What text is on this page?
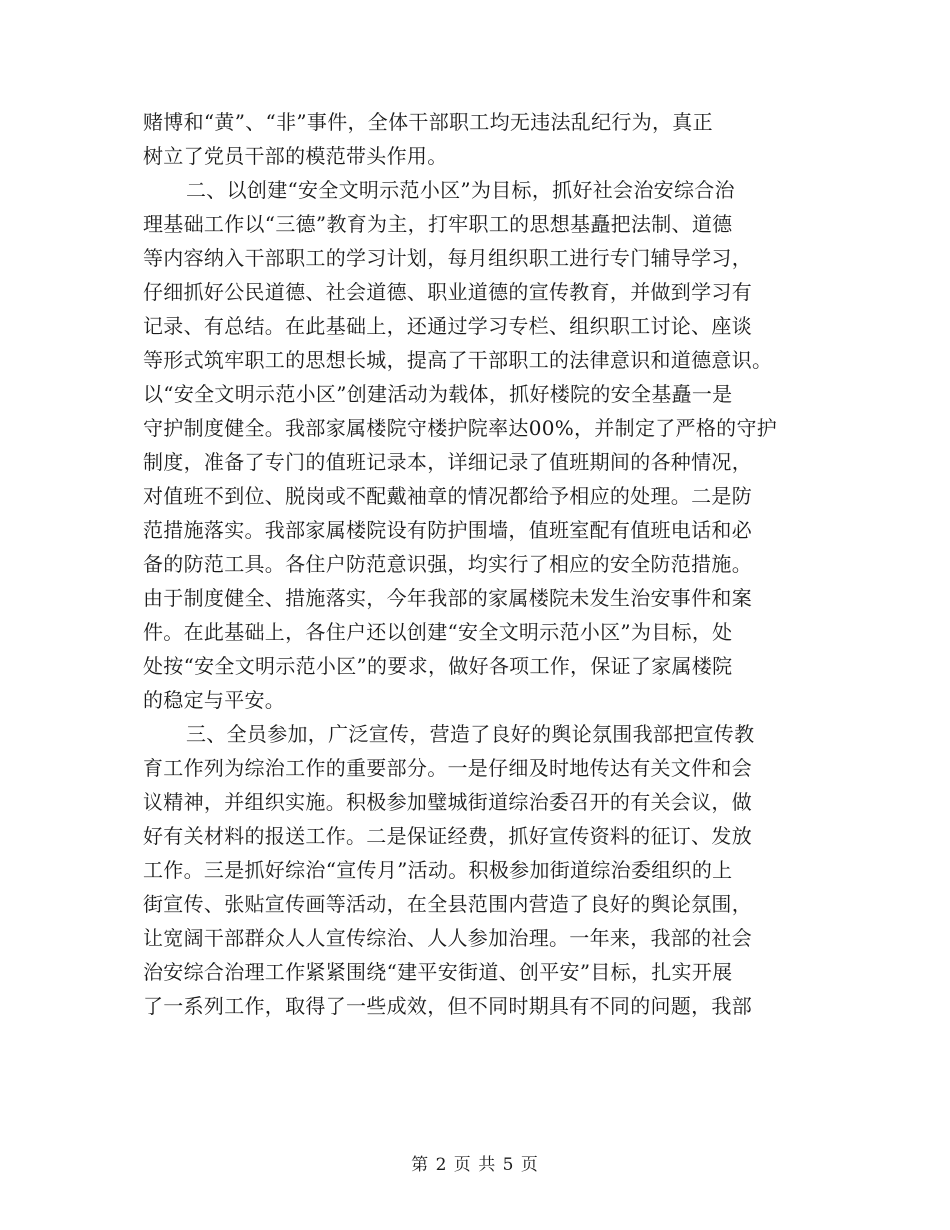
赌博和“黄”、“非”事件，全体干部职工均无违法乱纪行为，真正
树立了党员干部的模范带头作用。
二、以创建“安全文明示范小区”为目标，抓好社会治安综合治
理基础工作以“三德”教育为主，打牢职工的思想基矗把法制、道德
等内容纳入干部职工的学习计划，每月组织职工进行专门辅导学习，
仔细抓好公民道德、社会道德、职业道德的宣传教育，并做到学习有
记录、有总结。在此基础上，还通过学习专栏、组织职工讨论、座谈
等形式筑牢职工的思想长城，提高了干部职工的法律意识和道德意识。
以“安全文明示范小区”创建活动为载体，抓好楼院的安全基矗一是
守护制度健全。我部家属楼院守楼护院率达00%，并制定了严格的守护
制度，准备了专门的值班记录本，详细记录了值班期间的各种情况，
对值班不到位、脱岗或不配戴袖章的情况都给予相应的处理。二是防
范措施落实。我部家属楼院设有防护围墙，值班室配有值班电话和必
备的防范工具。各住户防范意识强，均实行了相应的安全防范措施。
由于制度健全、措施落实，今年我部的家属楼院未发生治安事件和案
件。在此基础上，各住户还以创建“安全文明示范小区”为目标，处
处按“安全文明示范小区”的要求，做好各项工作，保证了家属楼院
的稳定与平安。
三、全员参加，广泛宣传，营造了良好的舆论氛围我部把宣传教
育工作列为综治工作的重要部分。一是仔细及时地传达有关文件和会
议精神，并组织实施。积极参加璧城街道综治委召开的有关会议，做
好有关材料的报送工作。二是保证经费，抓好宣传资料的征订、发放
工作。三是抓好综治“宣传月”活动。积极参加街道综治委组织的上
街宣传、张贴宣传画等活动，在全县范围内营造了良好的舆论氛围，
让宽阔干部群众人人宣传综治、人人参加治理。一年来，我部的社会
治安综合治理工作紧紧围绕“建平安街道、创平安”目标，扎实开展
了一系列工作，取得了一些成效，但不同时期具有不同的问题，我部
第 2 页 共 5 页
